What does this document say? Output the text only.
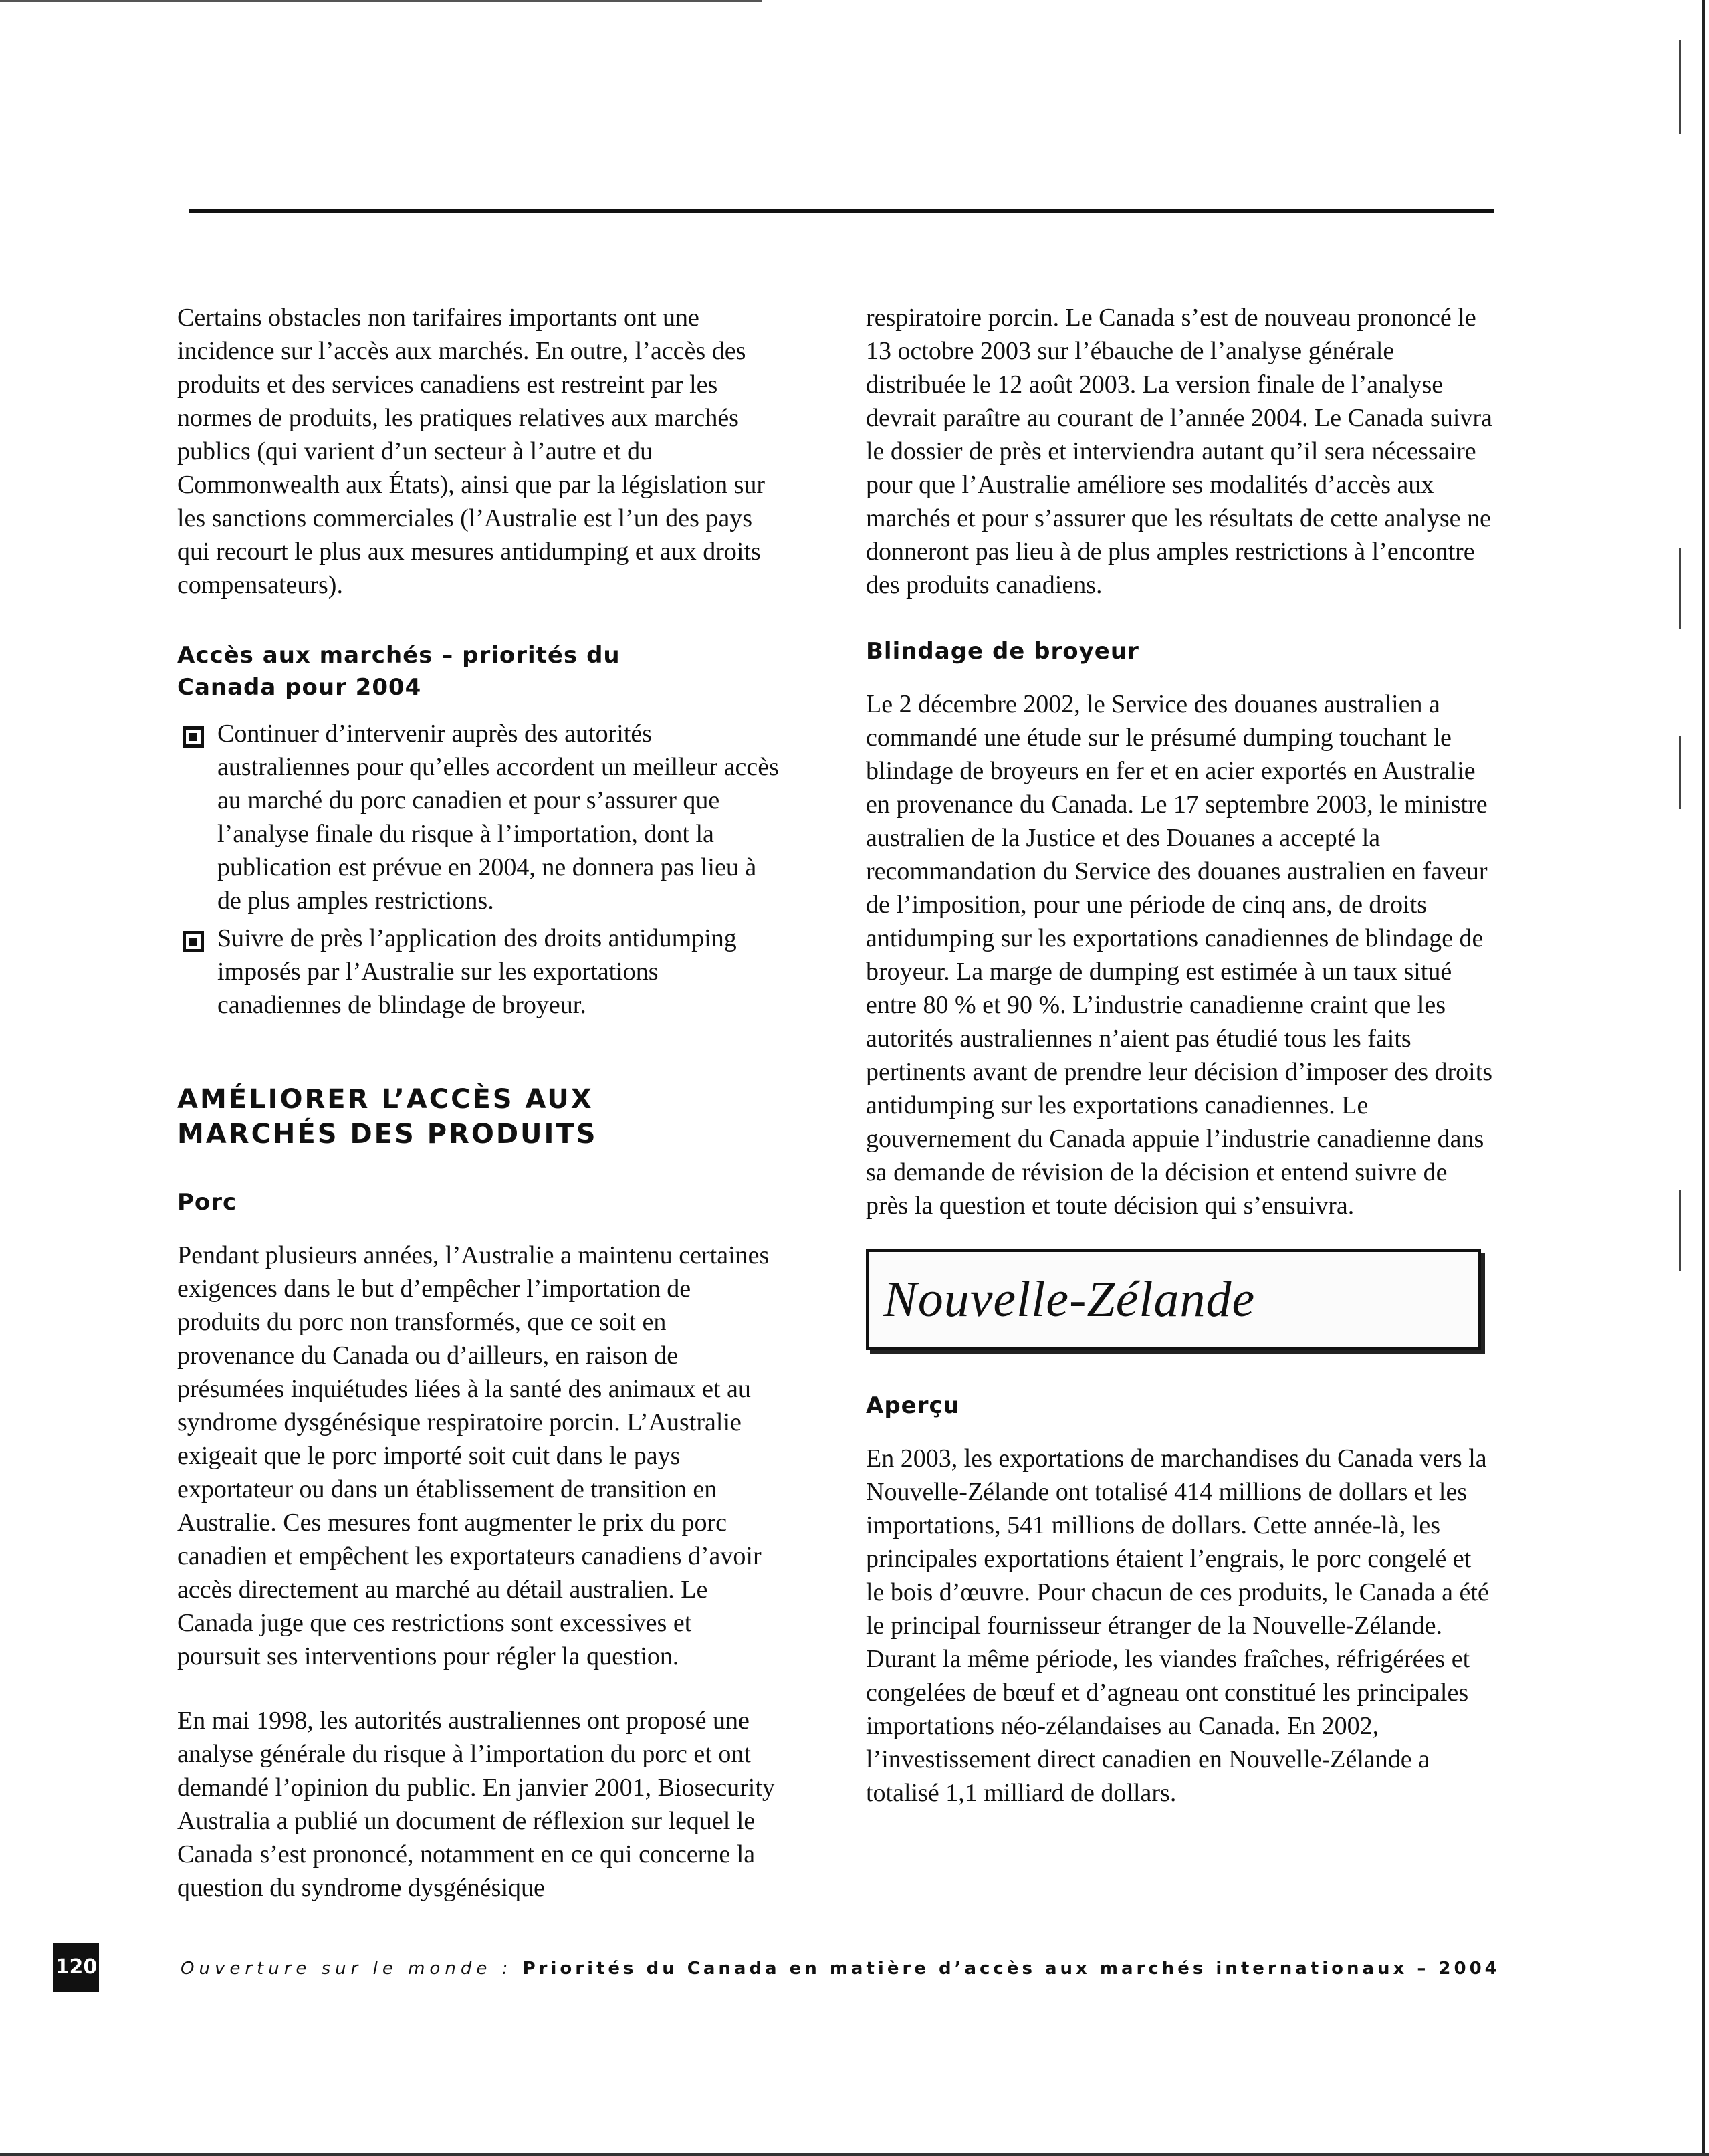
Certains obstacles non tarifaires importants ont une incidence sur l’accès aux marchés. En outre, l’accès des produits et des services canadiens est restreint par les normes de produits, les pratiques relatives aux marchés publics (qui varient d’un secteur à l’autre et du Commonwealth aux États), ainsi que par la législation sur les sanctions commerciales (l’Australie est l’un des pays qui recourt le plus aux mesures antidumping et aux droits compensateurs).

Accès aux marchés – priorités du Canada pour 2004
Continuer d’intervenir auprès des autorités australiennes pour qu’elles accordent un meilleur accès au marché du porc canadien et pour s’assurer que l’analyse finale du risque à l’importation, dont la publication est prévue en 2004, ne donnera pas lieu à de plus amples restrictions.
Suivre de près l’application des droits antidumping imposés par l’Australie sur les exportations canadiennes de blindage de broyeur.
AMÉLIORER L’ACCÈS AUX MARCHÉS DES PRODUITS
Porc

Pendant plusieurs années, l’Australie a maintenu certaines exigences dans le but d’empêcher l’importation de produits du porc non transformés, que ce soit en provenance du Canada ou d’ailleurs, en raison de présumées inquiétudes liées à la santé des animaux et au syndrome dysgénésique respiratoire porcin. L’Australie exigeait que le porc importé soit cuit dans le pays exportateur ou dans un établissement de transition en Australie. Ces mesures font augmenter le prix du porc canadien et empêchent les exportateurs canadiens d’avoir accès directement au marché au détail australien. Le Canada juge que ces restrictions sont excessives et poursuit ses interventions pour régler la question.

En mai 1998, les autorités australiennes ont proposé une analyse générale du risque à l’importation du porc et ont demandé l’opinion du public. En janvier 2001, Biosecurity Australia a publié un document de réflexion sur lequel le Canada s’est prononcé, notamment en ce qui concerne la question du syndrome dysgénésique

respiratoire porcin. Le Canada s’est de nouveau prononcé le 13 octobre 2003 sur l’ébauche de l’analyse générale distribuée le 12 août 2003. La version finale de l’analyse devrait paraître au courant de l’année 2004. Le Canada suivra le dossier de près et interviendra autant qu’il sera nécessaire pour que l’Australie améliore ses modalités d’accès aux marchés et pour s’assurer que les résultats de cette analyse ne donneront pas lieu à de plus amples restrictions à l’encontre des produits canadiens.

Blindage de broyeur

Le 2 décembre 2002, le Service des douanes australien a commandé une étude sur le présumé dumping touchant le blindage de broyeurs en fer et en acier exportés en Australie en provenance du Canada. Le 17 septembre 2003, le ministre australien de la Justice et des Douanes a accepté la recommandation du Service des douanes australien en faveur de l’imposition, pour une période de cinq ans, de droits antidumping sur les exportations canadiennes de blindage de broyeur. La marge de dumping est estimée à un taux situé entre 80 % et 90 %. L’industrie canadienne craint que les autorités australiennes n’aient pas étudié tous les faits pertinents avant de prendre leur décision d’imposer des droits antidumping sur les exportations canadiennes. Le gouvernement du Canada appuie l’industrie canadienne dans sa demande de révision de la décision et entend suivre de près la question et toute décision qui s’ensuivra.

Nouvelle-Zélande
Aperçu

En 2003, les exportations de marchandises du Canada vers la Nouvelle-Zélande ont totalisé 414 millions de dollars et les importations, 541 millions de dollars. Cette année-là, les principales exportations étaient l’engrais, le porc congelé et le bois d’œuvre. Pour chacun de ces produits, le Canada a été le principal fournisseur étranger de la Nouvelle-Zélande. Durant la même période, les viandes fraîches, réfrigérées et congelées de bœuf et d’agneau ont constitué les principales importations néo-zélandaises au Canada. En 2002, l’investissement direct canadien en Nouvelle-Zélande a totalisé 1,1 milliard de dollars.

120	Ouverture sur le monde : Priorités du Canada en matière d’accès aux marchés internationaux – 2004
